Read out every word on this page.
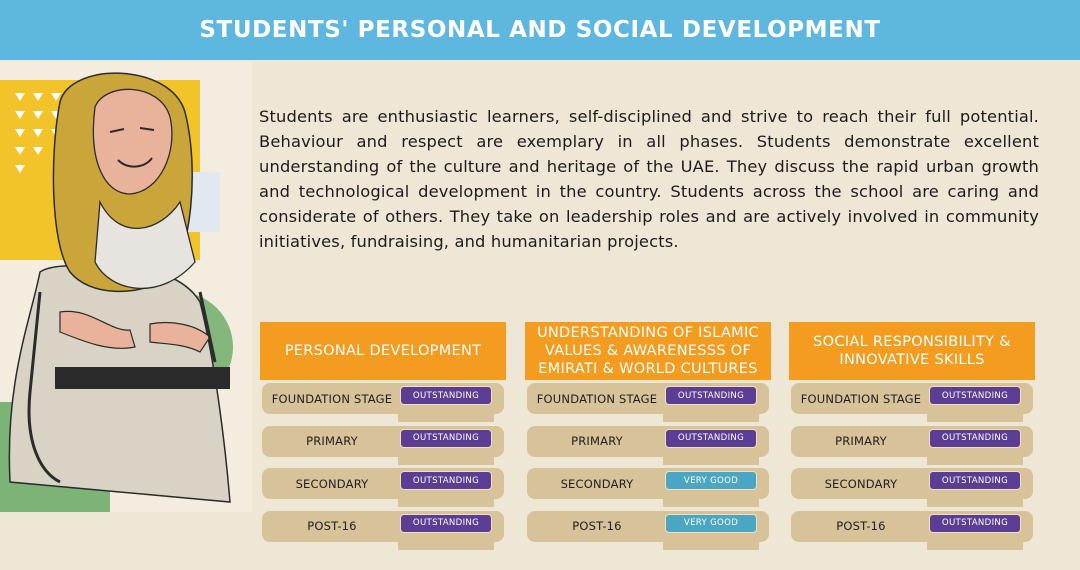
STUDENTS' PERSONAL AND SOCIAL DEVELOPMENT

Students are enthusiastic learners, self-disciplined and strive to reach their full potential. Behaviour and respect are exemplary in all phases. Students demonstrate excellent understanding of the culture and heritage of the UAE. They discuss the rapid urban growth and technological development in the country. Students across the school are caring and considerate of others. They take on leadership roles and are actively involved in community initiatives, fundraising, and humanitarian projects.

PERSONAL DEVELOPMENT
FOUNDATION STAGE	OUTSTANDING
PRIMARY	OUTSTANDING
SECONDARY	OUTSTANDING
POST-16	OUTSTANDING
UNDERSTANDING OF ISLAMIC VALUES & AWARENESSS OF EMIRATI & WORLD CULTURES
FOUNDATION STAGE	OUTSTANDING
PRIMARY	OUTSTANDING
SECONDARY	VERY GOOD
POST-16	VERY GOOD
SOCIAL RESPONSIBILITY & INNOVATIVE SKILLS
FOUNDATION STAGE	OUTSTANDING
PRIMARY	OUTSTANDING
SECONDARY	OUTSTANDING
POST-16	OUTSTANDING
